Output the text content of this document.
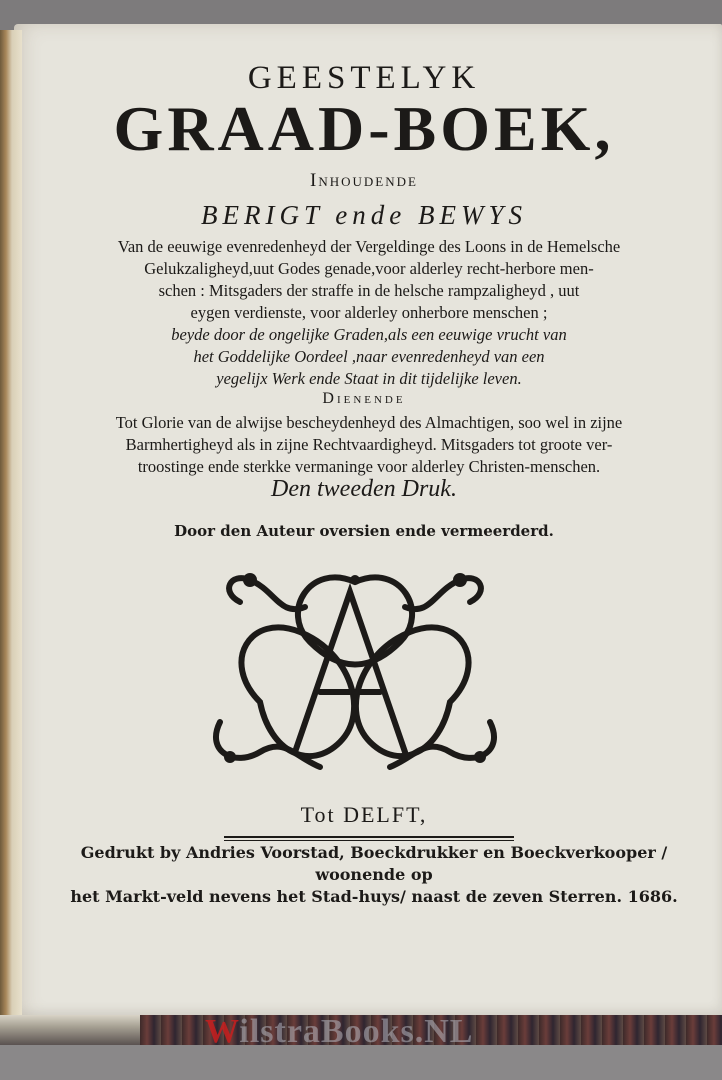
GEESTELYK
GRAAD-BOEK,
Inhoudende
BERIGT ende BEWYS
Van de eeuwige evenredenheyd der Vergeldinge des Loons in de Hemelsche
Gelukzaligheyd,uut Godes genade,voor alderley recht-herbore men-
schen : Mitsgaders der straffe in de helsche rampzaligheyd , uut
eygen verdienste, voor alderley onherbore menschen ;
beyde door de ongelijke Graden,als een eeuwige vrucht van
het Goddelijke Oordeel ,naar evenredenheyd van een
yegelijx Werk ende Staat in dit tijdelijke leven.
Dienende
Tot Glorie van de alwijse bescheydenheyd des Almachtigen, soo wel in zijne
Barmhertigheyd als in zijne Rechtvaardigheyd. Mitsgaders tot groote ver-
troostinge ende sterkke vermaninge voor alderley Christen-menschen.
Den tweeden Druk.
Door den Auteur oversien ende vermeerderd.
Tot DELFT,
Gedrukt by Andries Voorstad, Boeckdrukker en Boeckverkooper / woonende op
het Markt-veld nevens het Stad-huys/ naast de zeven Sterren. 1686.
WilstraBooks.NL
